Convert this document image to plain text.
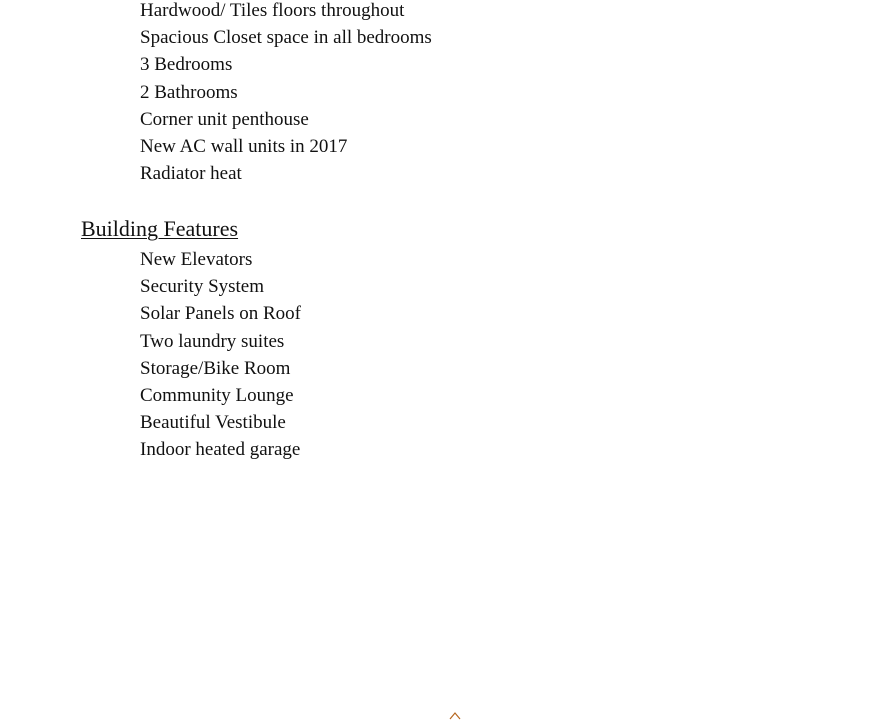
Hardwood/ Tiles floors throughout
Spacious Closet space in all bedrooms
3 Bedrooms
2 Bathrooms
Corner unit penthouse
New AC wall units in 2017
Radiator heat
Building Features
New Elevators
Security System
Solar Panels on Roof
Two laundry suites
Storage/Bike Room
Community Lounge
Beautiful Vestibule
Indoor heated garage
